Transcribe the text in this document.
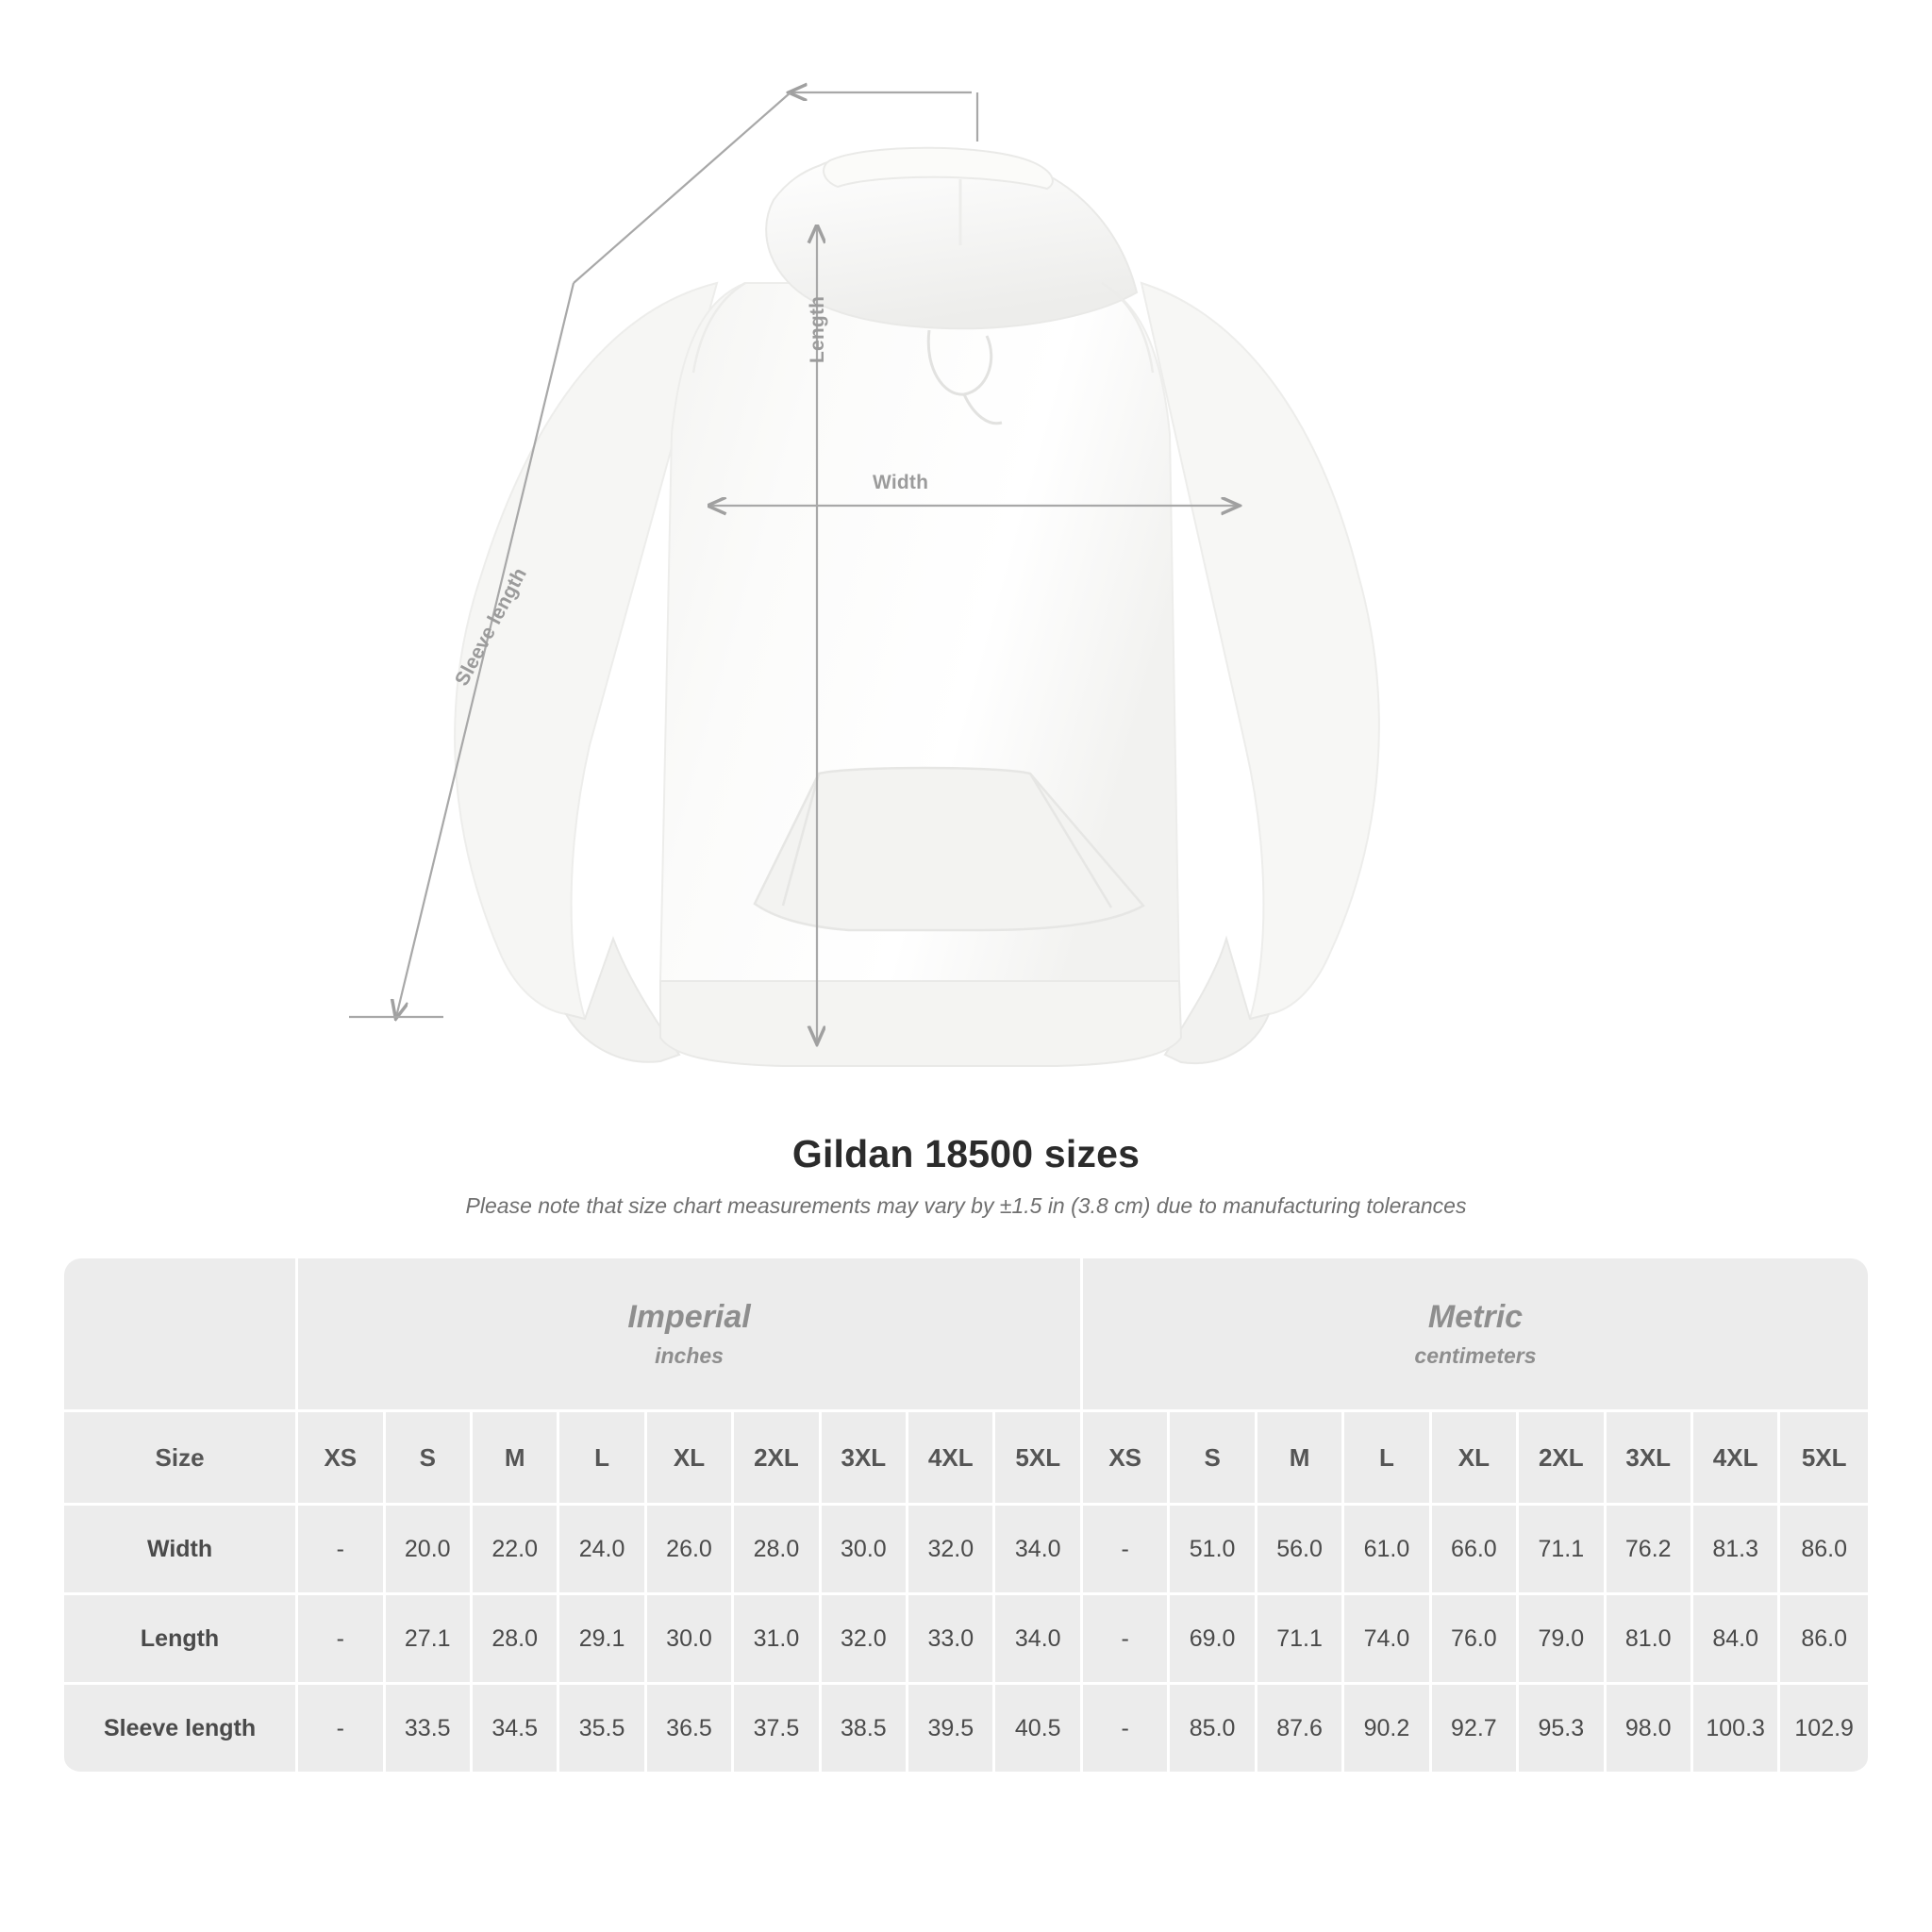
Length
Width
Sleeve length
Gildan 18500 sizes
Please note that size chart measurements may vary by ±1.5 in (3.8 cm) due to manufacturing tolerances

	Imperial
inches									Metric
centimeters								

Size	XS	S	M	L	XL	2XL	3XL	4XL	5XL	XS	S	M	L	XL	2XL	3XL	4XL	5XL
Width	-	20.0	22.0	24.0	26.0	28.0	30.0	32.0	34.0	-	51.0	56.0	61.0	66.0	71.1	76.2	81.3	86.0
Length	-	27.1	28.0	29.1	30.0	31.0	32.0	33.0	34.0	-	69.0	71.1	74.0	76.0	79.0	81.0	84.0	86.0
Sleeve length	-	33.5	34.5	35.5	36.5	37.5	38.5	39.5	40.5	-	85.0	87.6	90.2	92.7	95.3	98.0	100.3	102.9
